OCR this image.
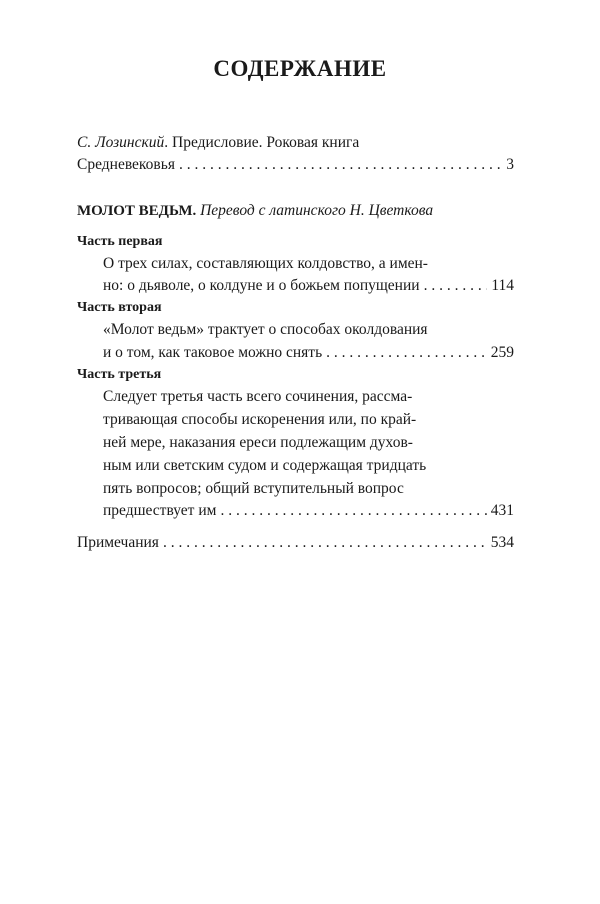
СОДЕРЖАНИЕ
С. Лозинский. Предисловие. Роковая книга
Средневековья . . .	3
МОЛОТ ВЕДЬМ. Перевод с латинского Н. Цветкова
Часть первая
О трех силах, составляющих колдовство, а имен-
но: о дьяволе, о колдуне и о божьем попущении . . .	114
Часть вторая
«Молот ведьм» трактует о способах околдования
и о том, как таковое можно снять . . .	259
Часть третья
Следует третья часть всего сочинения, рассма-
тривающая способы искоренения или, по край-
ней мере, наказания ереси подлежащим духов-
ным или светским судом и содержащая тридцать
пять вопросов; общий вступительный вопрос
предшествует им . . .	431
Примечания . . .	534
